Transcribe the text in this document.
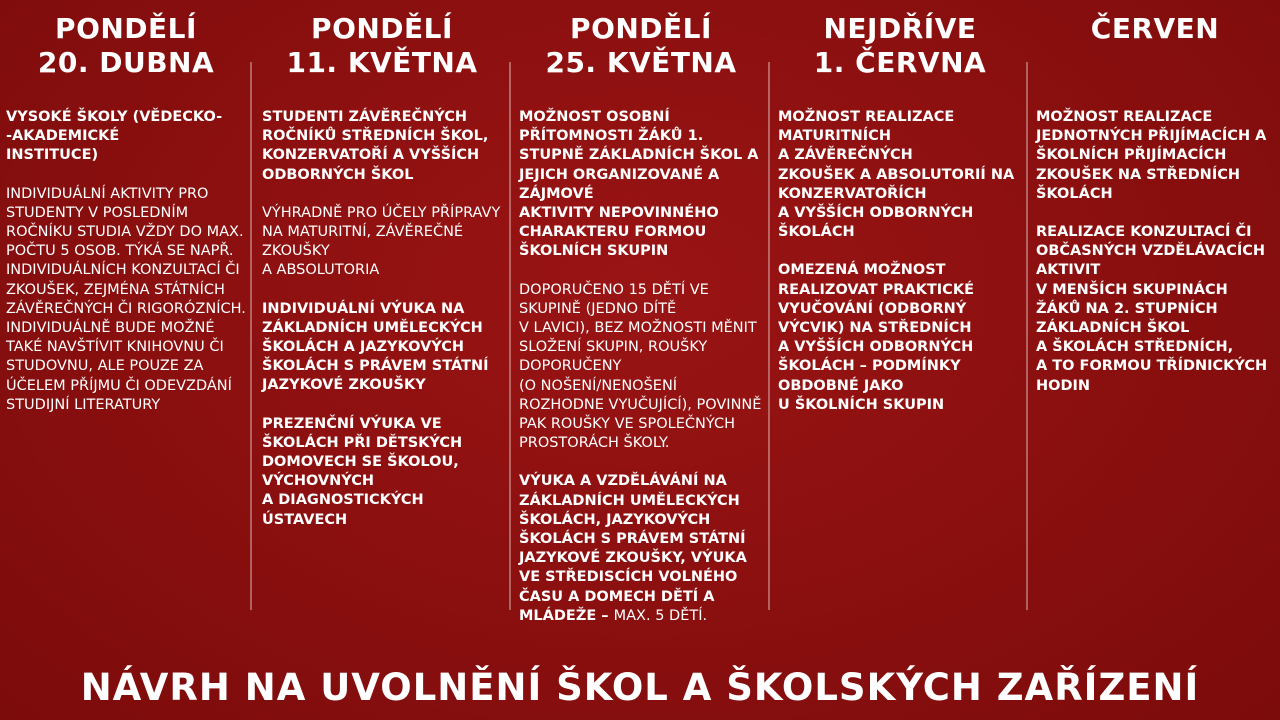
PONDĚLÍ
20. DUBNA
VYSOKÉ ŠKOLY (VĚDECKO-
-AKADEMICKÉ
INSTITUCE)
INDIVIDUÁLNÍ AKTIVITY PRO STUDENTY V POSLEDNÍM ROČNÍKU STUDIA VŽDY DO MAX. POČTU 5 OSOB. TÝKÁ SE NAPŘ. INDIVIDUÁLNÍCH KONZULTACÍ ČI ZKOUŠEK, ZEJMÉNA STÁTNÍCH ZÁVĚREČNÝCH ČI RIGORÓZNÍCH. INDIVIDUÁLNĚ BUDE MOŽNÉ TAKÉ NAVŠTÍVIT KNIHOVNU ČI STUDOVNU, ALE POUZE ZA ÚČELEM PŘÍJMU ČI ODEVZDÁNÍ STUDIJNÍ LITERATURY
PONDĚLÍ
11. KVĚTNA
STUDENTI ZÁVĚREČNÝCH ROČNÍKŮ STŘEDNÍCH ŠKOL, KONZERVATOŘÍ A VYŠŠÍCH ODBORNÝCH ŠKOL
VÝHRADNĚ PRO ÚČELY PŘÍPRAVY NA MATURITNÍ, ZÁVĚREČNÉ ZKOUŠKY
A ABSOLUTORIA
INDIVIDUÁLNÍ VÝUKA NA ZÁKLADNÍCH UMĚLECKÝCH ŠKOLÁCH A JAZYKOVÝCH ŠKOLÁCH S PRÁVEM STÁTNÍ JAZYKOVÉ ZKOUŠKY
PREZENČNÍ VÝUKA VE ŠKOLÁCH PŘI DĚTSKÝCH DOMOVECH SE ŠKOLOU, VÝCHOVNÝCH
A DIAGNOSTICKÝCH ÚSTAVECH
PONDĚLÍ
25. KVĚTNA
MOŽNOST OSOBNÍ PŘÍTOMNOSTI ŽÁKŮ 1. STUPNĚ ZÁKLADNÍCH ŠKOL A JEJICH ORGANIZOVANÉ A ZÁJMOVÉ
AKTIVITY NEPOVINNÉHO CHARAKTERU FORMOU ŠKOLNÍCH SKUPIN
DOPORUČENO 15 DĚTÍ VE SKUPINĚ (JEDNO DÍTĚ
V LAVICI), BEZ MOŽNOSTI MĚNIT SLOŽENÍ SKUPIN, ROUŠKY DOPORUČENY
(O NOŠENÍ/NENOŠENÍ ROZHODNE VYUČUJÍCÍ), POVINNĚ PAK ROUŠKY VE SPOLEČNÝCH PROSTORÁCH ŠKOLY.
VÝUKA A VZDĚLÁVÁNÍ NA ZÁKLADNÍCH UMĚLECKÝCH ŠKOLÁCH, JAZYKOVÝCH ŠKOLÁCH S PRÁVEM STÁTNÍ JAZYKOVÉ ZKOUŠKY, VÝUKA VE STŘEDISCÍCH VOLNÉHO ČASU A DOMECH DĚTÍ A MLÁDEŽE – MAX. 5 DĚTÍ.
NEJDŘÍVE
1. ČERVNA
MOŽNOST REALIZACE MATURITNÍCH
A ZÁVĚREČNÝCH
ZKOUŠEK A ABSOLUTORIÍ NA KONZERVATOŘÍCH
A VYŠŠÍCH ODBORNÝCH ŠKOLÁCH
OMEZENÁ MOŽNOST REALIZOVAT PRAKTICKÉ VYUČOVÁNÍ (ODBORNÝ VÝCVIK) NA STŘEDNÍCH
A VYŠŠÍCH ODBORNÝCH ŠKOLÁCH – PODMÍNKY OBDOBNÉ JAKO
U ŠKOLNÍCH SKUPIN
ČERVEN
MOŽNOST REALIZACE JEDNOTNÝCH PŘIJÍMACÍCH A ŠKOLNÍCH PŘIJÍMACÍCH ZKOUŠEK NA STŘEDNÍCH ŠKOLÁCH
REALIZACE KONZULTACÍ ČI OBČASNÝCH VZDĚLÁVACÍCH AKTIVIT
V MENŠÍCH SKUPINÁCH ŽÁKŮ NA 2. STUPNÍCH ZÁKLADNÍCH ŠKOL
A ŠKOLÁCH STŘEDNÍCH,
A TO FORMOU TŘÍDNICKÝCH HODIN
NÁVRH NA UVOLNĚNÍ ŠKOL A ŠKOLSKÝCH ZAŘÍZENÍ
